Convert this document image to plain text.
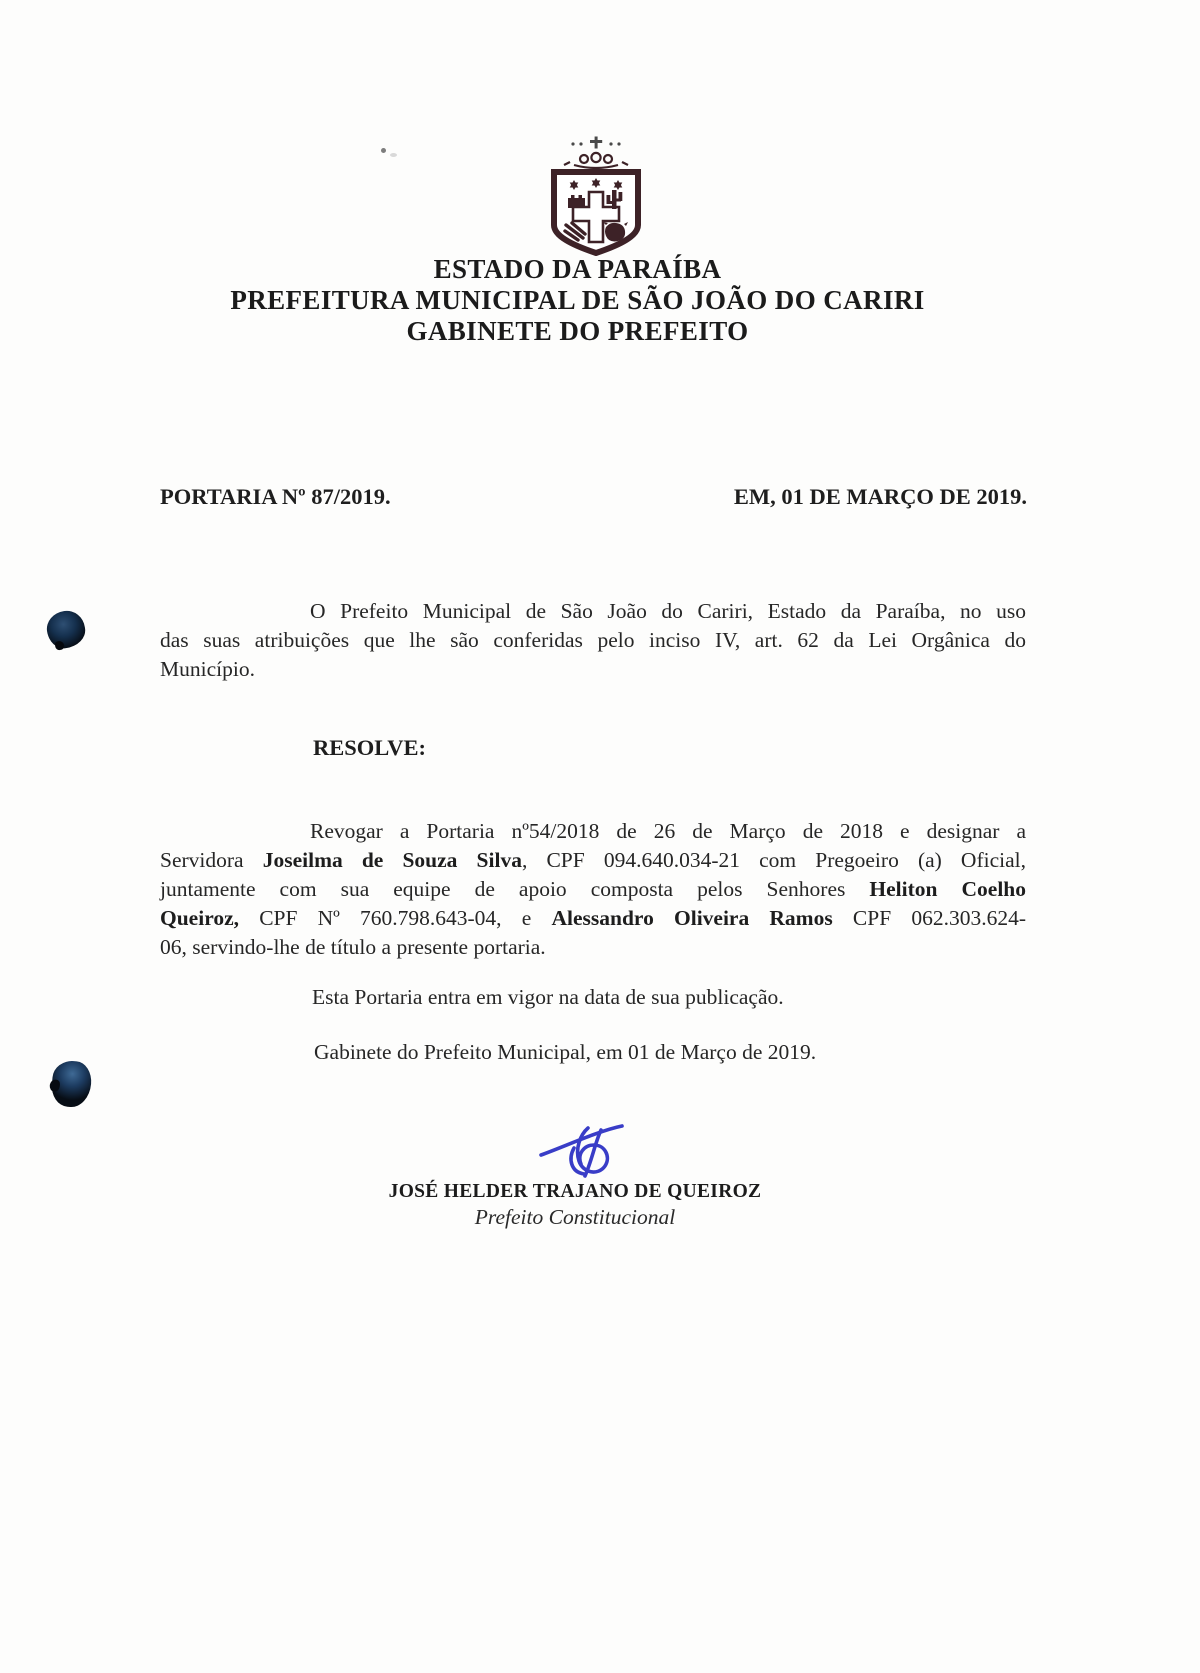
ESTADO DA PARAÍBA
PREFEITURA MUNICIPAL DE SÃO JOÃO DO CARIRI
GABINETE DO PREFEITO
PORTARIA Nº 87/2019.	EM, 01 DE MARÇO DE 2019.
O Prefeito Municipal de São João do Cariri, Estado da Paraíba, no uso
das suas atribuições que lhe são conferidas pelo inciso IV, art. 62 da Lei Orgânica do
Município.
RESOLVE:
Revogar a Portaria nº54/2018 de 26 de Março de 2018 e designar a
Servidora Joseilma de Souza Silva, CPF 094.640.034-21 com Pregoeiro (a) Oficial,
juntamente com sua equipe de apoio composta pelos Senhores Heliton Coelho
Queiroz, CPF Nº 760.798.643-04, e Alessandro Oliveira Ramos CPF 062.303.624-
06, servindo-lhe de título a presente portaria.
Esta Portaria entra em vigor na data de sua publicação.
Gabinete do Prefeito Municipal, em 01 de Março de 2019.
JOSÉ HELDER TRAJANO DE QUEIROZ
Prefeito Constitucional
